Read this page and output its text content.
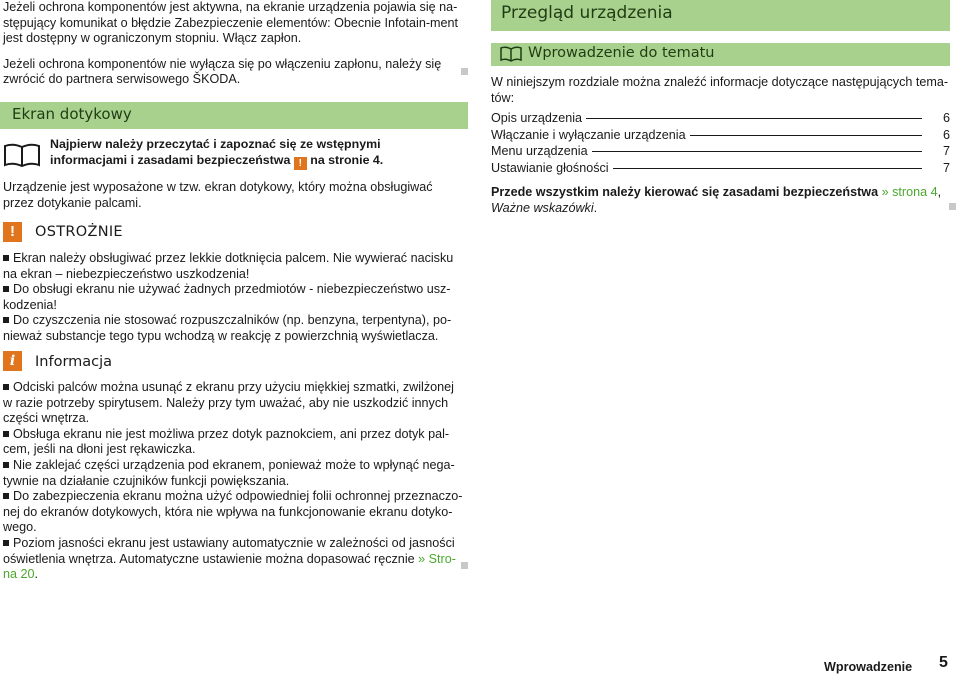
Jeżeli ochrona komponentów jest aktywna, na ekranie urządzenia pojawia się na-stępujący komunikat o błędzie Zabezpieczenie elementów: Obecnie Infotain-ment jest dostępny w ograniczonym stopniu. Włącz zapłon.

Jeżeli ochrona komponentów nie wyłącza się po włączeniu zapłonu, należy się zwrócić do partnera serwisowego ŠKODA.

Ekran dotykowy
Najpierw należy przeczytać i zapoznać się ze wstępnymi informacjami i zasadami bezpieczeństwa ! na stronie 4.

Urządzenie jest wyposażone w tzw. ekran dotykowy, który można obsługiwać przez dotykanie palcami.

!	OSTROŻNIE

Ekran należy obsługiwać przez lekkie dotknięcia palcem. Nie wywierać nacisku na ekran – niebezpieczeństwo uszkodzenia!

Do obsługi ekranu nie używać żadnych przedmiotów - niebezpieczeństwo usz-kodzenia!

Do czyszczenia nie stosować rozpuszczalników (np. benzyna, terpentyna), po-nieważ substancje tego typu wchodzą w reakcję z powierzchnią wyświetlacza.

i	Informacja

Odciski palców można usunąć z ekranu przy użyciu miękkiej szmatki, zwilżonej w razie potrzeby spirytusem. Należy przy tym uważać, aby nie uszkodzić innych części wnętrza.

Obsługa ekranu nie jest możliwa przez dotyk paznokciem, ani przez dotyk pal-cem, jeśli na dłoni jest rękawiczka.

Nie zaklejać części urządzenia pod ekranem, ponieważ może to wpłynąć nega-tywnie na działanie czujników funkcji powiększania.

Do zabezpieczenia ekranu można użyć odpowiedniej folii ochronnej przeznaczo-nej do ekranów dotykowych, która nie wpływa na funkcjonowanie ekranu dotyko-wego.

Poziom jasności ekranu jest ustawiany automatycznie w zależności od jasności oświetlenia wnętrza. Automatyczne ustawienie można dopasować ręcznie » Stro-na 20.

Przegląd urządzenia
Wprowadzenie do tematu

W niniejszym rozdziale można znaleźć informacje dotyczące następujących tema-tów:

Opis urządzenia	6
Włączanie i wyłączanie urządzenia	6
Menu urządzenia	7
Ustawianie głośności	7

Przede wszystkim należy kierować się zasadami bezpieczeństwa » strona 4, Ważne wskazówki.

Wprowadzenie 5
